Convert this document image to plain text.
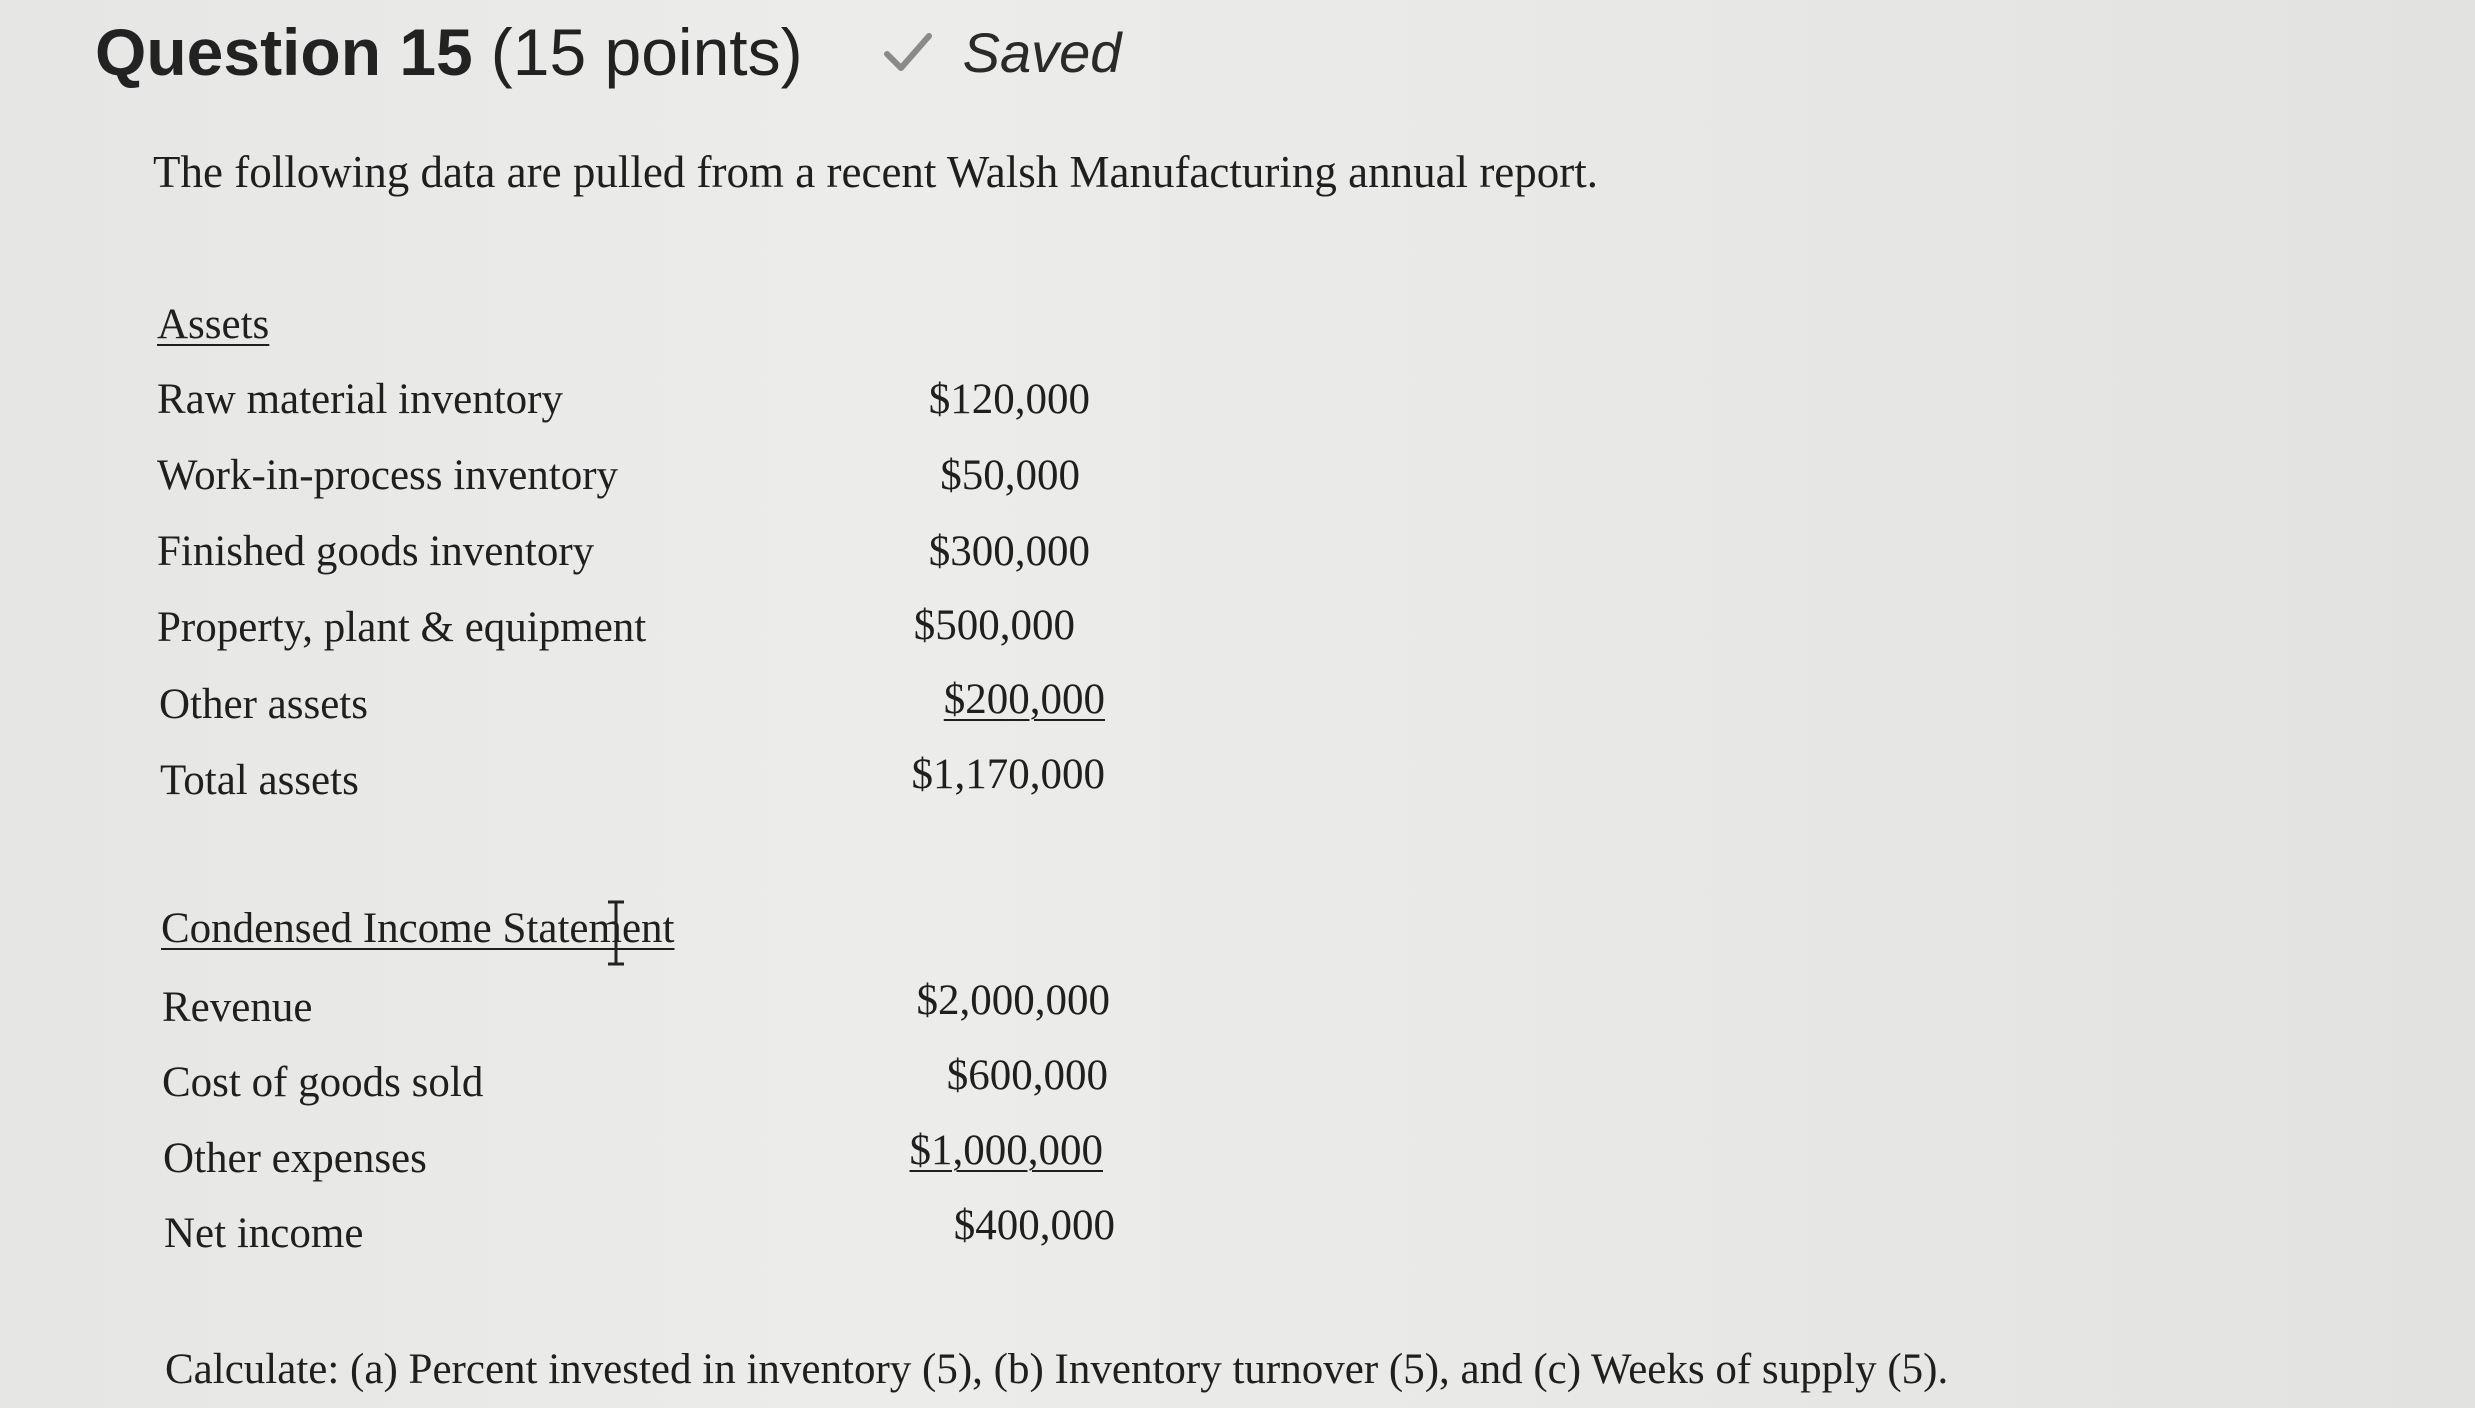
Question 15 (15 points)	Saved
The following data are pulled from a recent Walsh Manufacturing annual report.
Assets
Raw material inventory	$120,000
Work-in-process inventory	$50,000
Finished goods inventory	$300,000
Property, plant & equipment	$500,000
Other assets	$200,000
Total assets	$1,170,000
Condensed Income Statement
Revenue	$2,000,000
Cost of goods sold	$600,000
Other expenses	$1,000,000
Net income	$400,000
Calculate: (a) Percent invested in inventory (5), (b) Inventory turnover (5), and (c) Weeks of supply (5).
